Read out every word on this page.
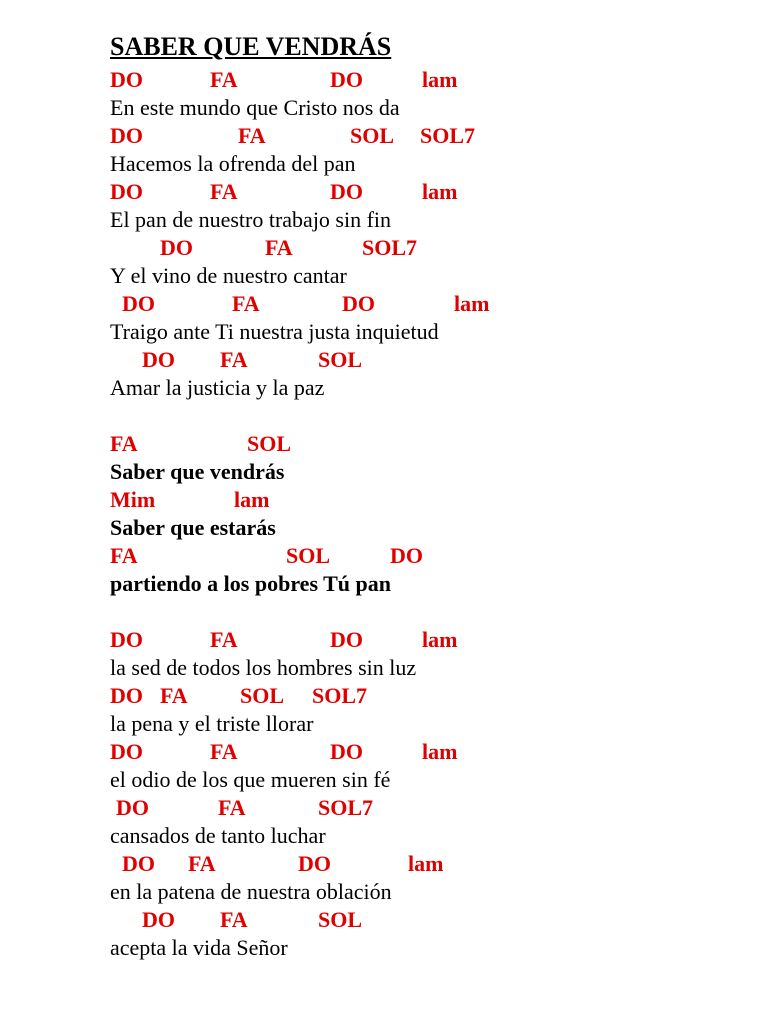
SABER QUE VENDRÁS
DO	FA	DO	lam
En este mundo que Cristo nos da
DO	FA	SOL SOL7
Hacemos la ofrenda del pan
DO	FA	DO	lam
El pan de nuestro trabajo sin fin
DO	FA	SOL7
Y el vino de nuestro cantar
DO	FA	DO	lam
Traigo ante Ti nuestra justa inquietud
DO FA	SOL
Amar la justicia y la paz
FA	SOL
Saber que vendrás
Mim	lam
Saber que estarás
FA	SOL	DO
partiendo a los pobres Tú pan
DO	FA	DO	lam
la sed de todos los hombres sin luz
DO FA SOL SOL7
la pena y el triste llorar
DO	FA	DO	lam
el odio de los que mueren sin fé
DO	FA	SOL7
cansados de tanto luchar
DO FA	DO	lam
en la patena de nuestra oblación
DO FA	SOL
acepta la vida Señor
